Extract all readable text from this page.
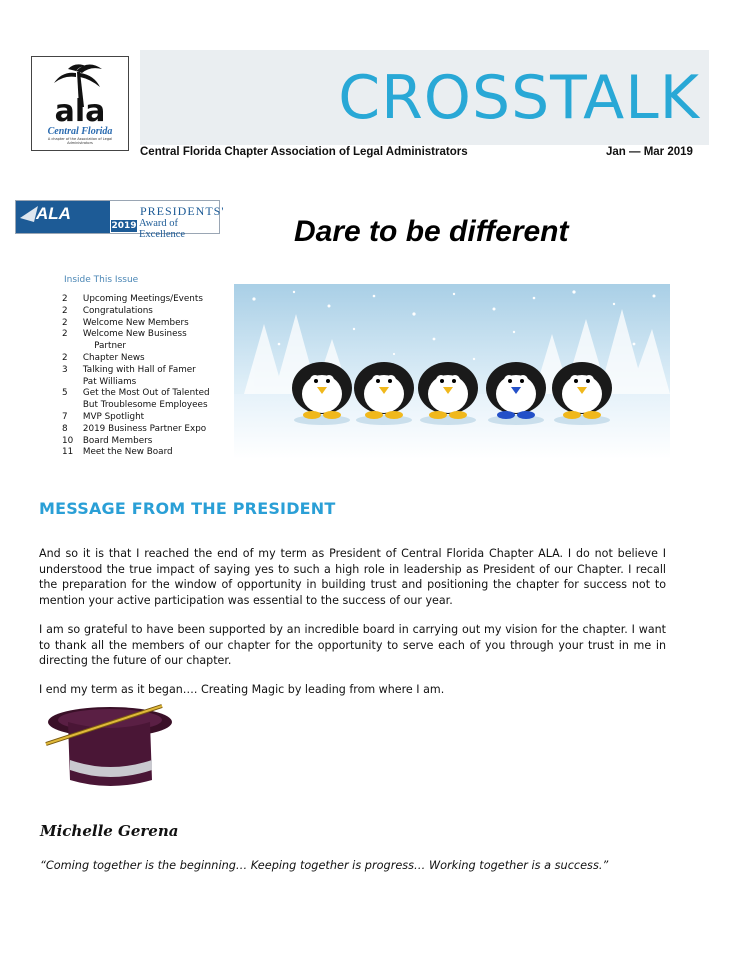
ala
Central Florida
A chapter of the Association of Legal Administrators
CROSSTALK
Central Florida Chapter Association of Legal Administrators	Jan — Mar 2019
ALA
2019
PRESIDENTS'
Award of Excellence	Dare to be different
Inside This Issue
2	Upcoming Meetings/Events
2	Congratulations
2	Welcome New Members
2	Welcome New Business
Partner
2	Chapter News
3	Talking with Hall of Famer
Pat Williams
5	Get the Most Out of Talented
But Troublesome Employees
7	MVP Spotlight
8	2019 Business Partner Expo
10	Board Members
11	Meet the New Board
MESSAGE FROM THE PRESIDENT

And so it is that I reached the end of my term as President of Central Florida Chapter ALA. I do not believe I understood the true impact of saying yes to such a high role in leadership as President of our Chapter. I recall the preparation for the window of opportunity in building trust and positioning the chapter for success not to mention your active participation was essential to the success of our year.

I am so grateful to have been supported by an incredible board in carrying out my vision for the chapter. I want to thank all the members of our chapter for the opportunity to serve each of you through your trust in me in directing the future of our chapter.

I end my term as it began…. Creating Magic by leading from where I am.

Michelle Gerena
“Coming together is the beginning… Keeping together is progress… Working together is a success.”
